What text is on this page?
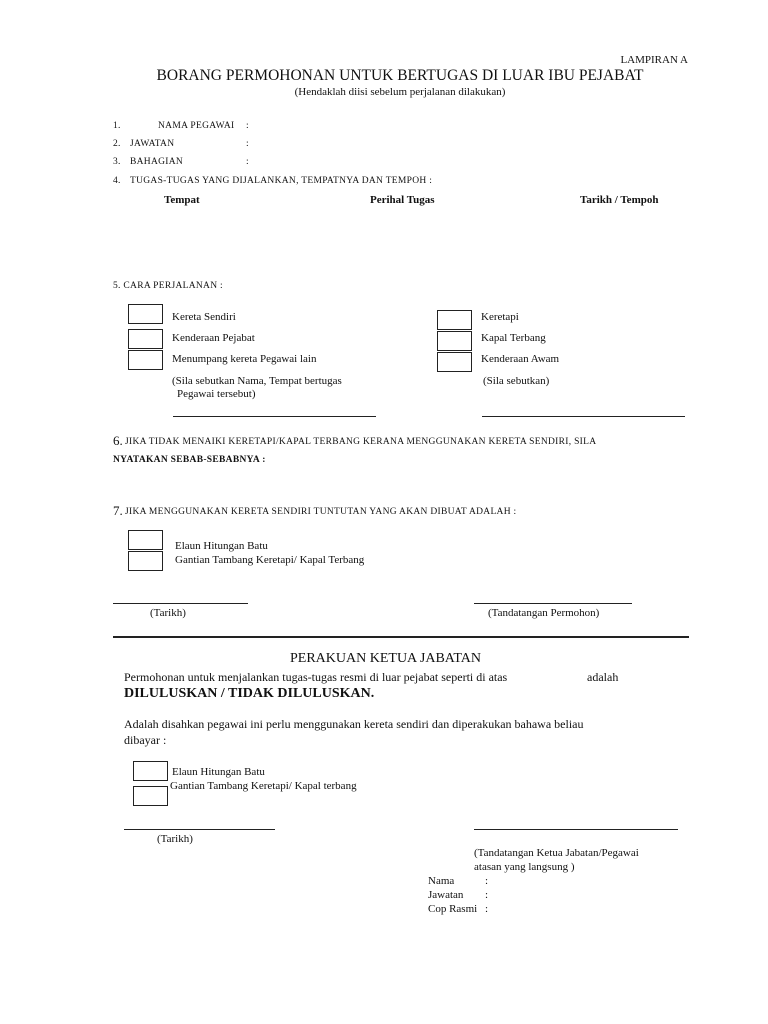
LAMPIRAN A
BORANG PERMOHONAN UNTUK BERTUGAS DI LUAR IBU PEJABAT
(Hendaklah diisi sebelum perjalanan dilakukan)
1.	NAMA PEGAWAI :
2. JAWATAN	:
3. BAHAGIAN	:
4. TUGAS-TUGAS YANG DIJALANKAN, TEMPATNYA DAN TEMPOH :
Tempat	Perihal Tugas	Tarikh / Tempoh
5. CARA PERJALANAN :
Kereta Sendiri
Kenderaan Pejabat
Menumpang kereta Pegawai lain
(Sila sebutkan Nama, Tempat bertugas
Pegawai tersebut)
Keretapi
Kapal Terbang
Kenderaan Awam
(Sila sebutkan)
6. JIKA TIDAK MENAIKI KERETAPI/KAPAL TERBANG KERANA MENGGUNAKAN KERETA SENDIRI, SILA
NYATAKAN SEBAB-SEBABNYA :
7. JIKA MENGGUNAKAN KERETA SENDIRI TUNTUTAN YANG AKAN DIBUAT ADALAH :
Elaun Hitungan Batu
Gantian Tambang Keretapi/ Kapal Terbang
(Tarikh)	(Tandatangan Permohon)
PERAKUAN KETUA JABATAN
Permohonan untuk menjalankan tugas-tugas resmi di luar pejabat seperti di atas	adalah
DILULUSKAN / TIDAK DILULUSKAN.
Adalah disahkan pegawai ini perlu menggunakan kereta sendiri dan diperakukan bahawa beliau
dibayar :
Elaun Hitungan Batu
Gantian Tambang Keretapi/ Kapal terbang
(Tarikh)
(Tandatangan Ketua Jabatan/Pegawai
atasan yang langsung )
Nama	:
Jawatan :
Cop Rasmi :
